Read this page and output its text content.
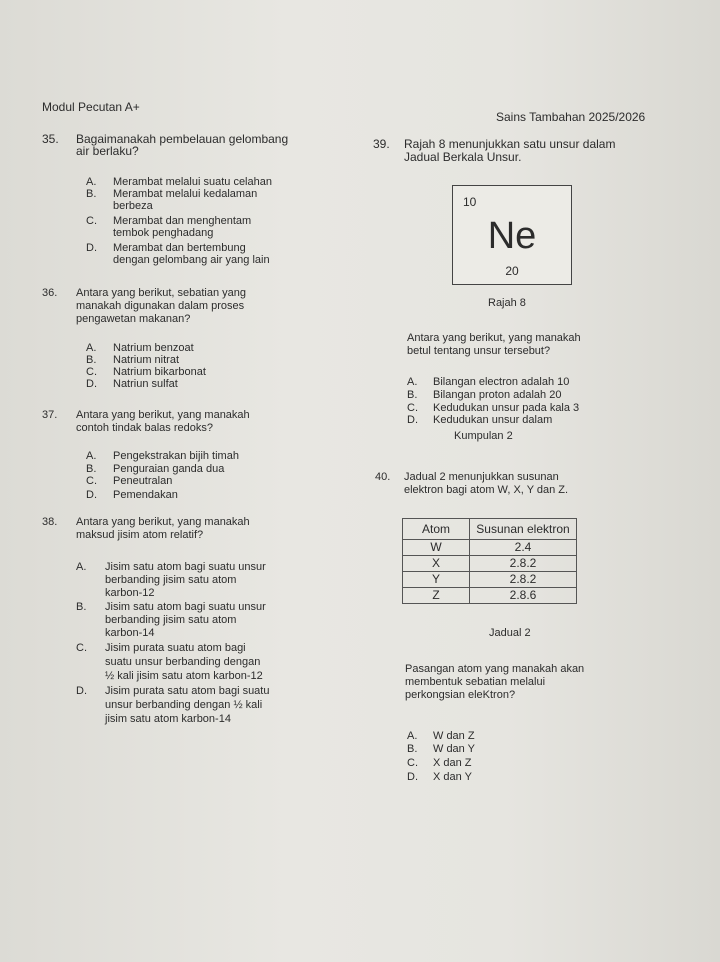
Modul Pecutan A+
Sains Tambahan 2025/2026
35. Bagaimanakah pembelauan gelombang
air berlaku?
A. Merambat melalui suatu celahan
B. Merambat melalui kedalaman
berbeza
C. Merambat dan menghentam
tembok penghadang
D. Merambat dan bertembung
dengan gelombang air yang lain
36. Antara yang berikut, sebatian yang
manakah digunakan dalam proses
pengawetan makanan?
A. Natrium benzoat
B. Natrium nitrat
C. Natrium bikarbonat
D. Natriun sulfat
37. Antara yang berikut, yang manakah
contoh tindak balas redoks?
A. Pengekstrakan bijih timah
B. Penguraian ganda dua
C. Peneutralan
D. Pemendakan
38. Antara yang berikut, yang manakah
maksud jisim atom relatif?
A. Jisim satu atom bagi suatu unsur
berbanding jisim satu atom
karbon-12
B. Jisim satu atom bagi suatu unsur
berbanding jisim satu atom
karbon-14
C. Jisim purata suatu atom bagi
suatu unsur berbanding dengan
½ kali jisim satu atom karbon-12
D. Jisim purata satu atom bagi suatu
unsur berbanding dengan ½ kali
jisim satu atom karbon-14
39. Rajah 8 menunjukkan satu unsur dalam
Jadual Berkala Unsur.
10
Ne
20
Rajah 8
Antara yang berikut, yang manakah
betul tentang unsur tersebut?
A. Bilangan electron adalah 10
B. Bilangan proton adalah 20
C. Kedudukan unsur pada kala 3
D. Kedudukan unsur dalam
Kumpulan 2
40. Jadual 2 menunjukkan susunan
elektron bagi atom W, X, Y dan Z.
Atom	Susunan elektron
W	2.4
X	2.8.2
Y	2.8.2
Z	2.8.6
Jadual 2
Pasangan atom yang manakah akan
membentuk sebatian melalui
perkongsian eleKtron?
A. W dan Z
B. W dan Y
C. X dan Z
D. X dan Y
